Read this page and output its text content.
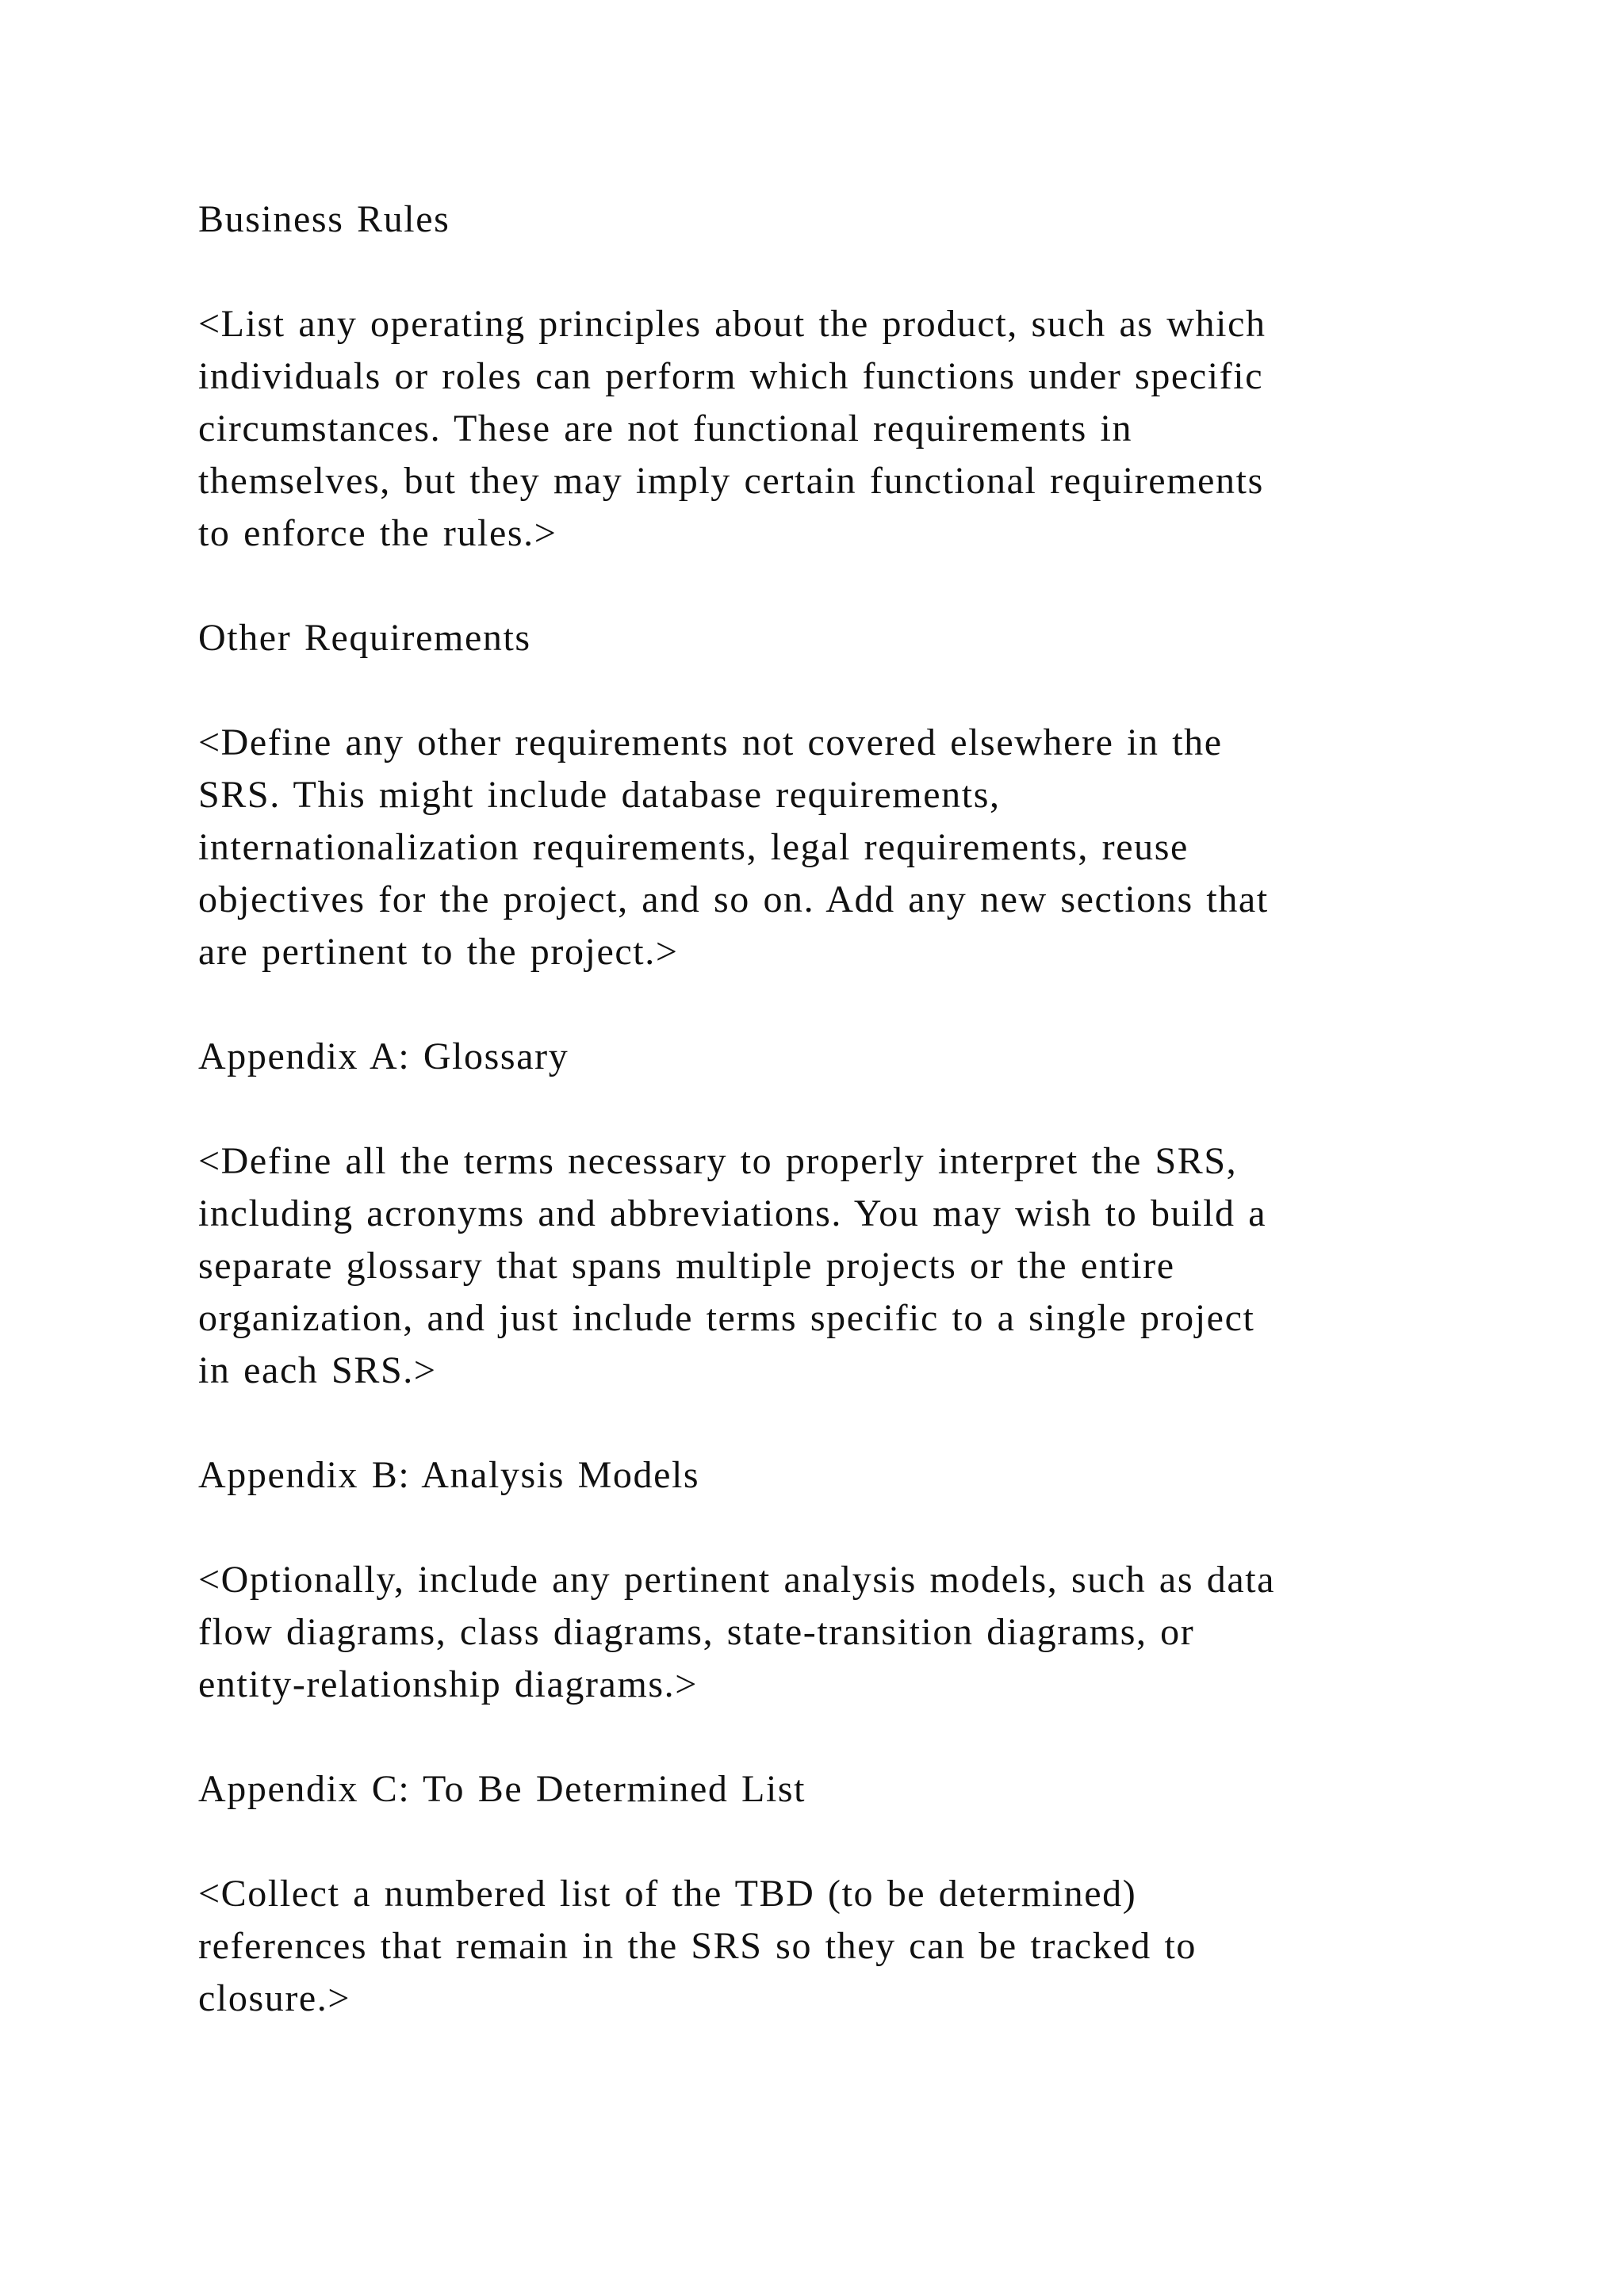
Business Rules
<List any operating principles about the product, such as which
individuals or roles can perform which functions under specific
circumstances. These are not functional requirements in
themselves, but they may imply certain functional requirements
to enforce the rules.>
Other Requirements
<Define any other requirements not covered elsewhere in the
SRS. This might include database requirements,
internationalization requirements, legal requirements, reuse
objectives for the project, and so on. Add any new sections that
are pertinent to the project.>
Appendix A: Glossary
<Define all the terms necessary to properly interpret the SRS,
including acronyms and abbreviations. You may wish to build a
separate glossary that spans multiple projects or the entire
organization, and just include terms specific to a single project
in each SRS.>
Appendix B: Analysis Models
<Optionally, include any pertinent analysis models, such as data
flow diagrams, class diagrams, state-transition diagrams, or
entity-relationship diagrams.>
Appendix C: To Be Determined List
<Collect a numbered list of the TBD (to be determined)
references that remain in the SRS so they can be tracked to
closure.>
